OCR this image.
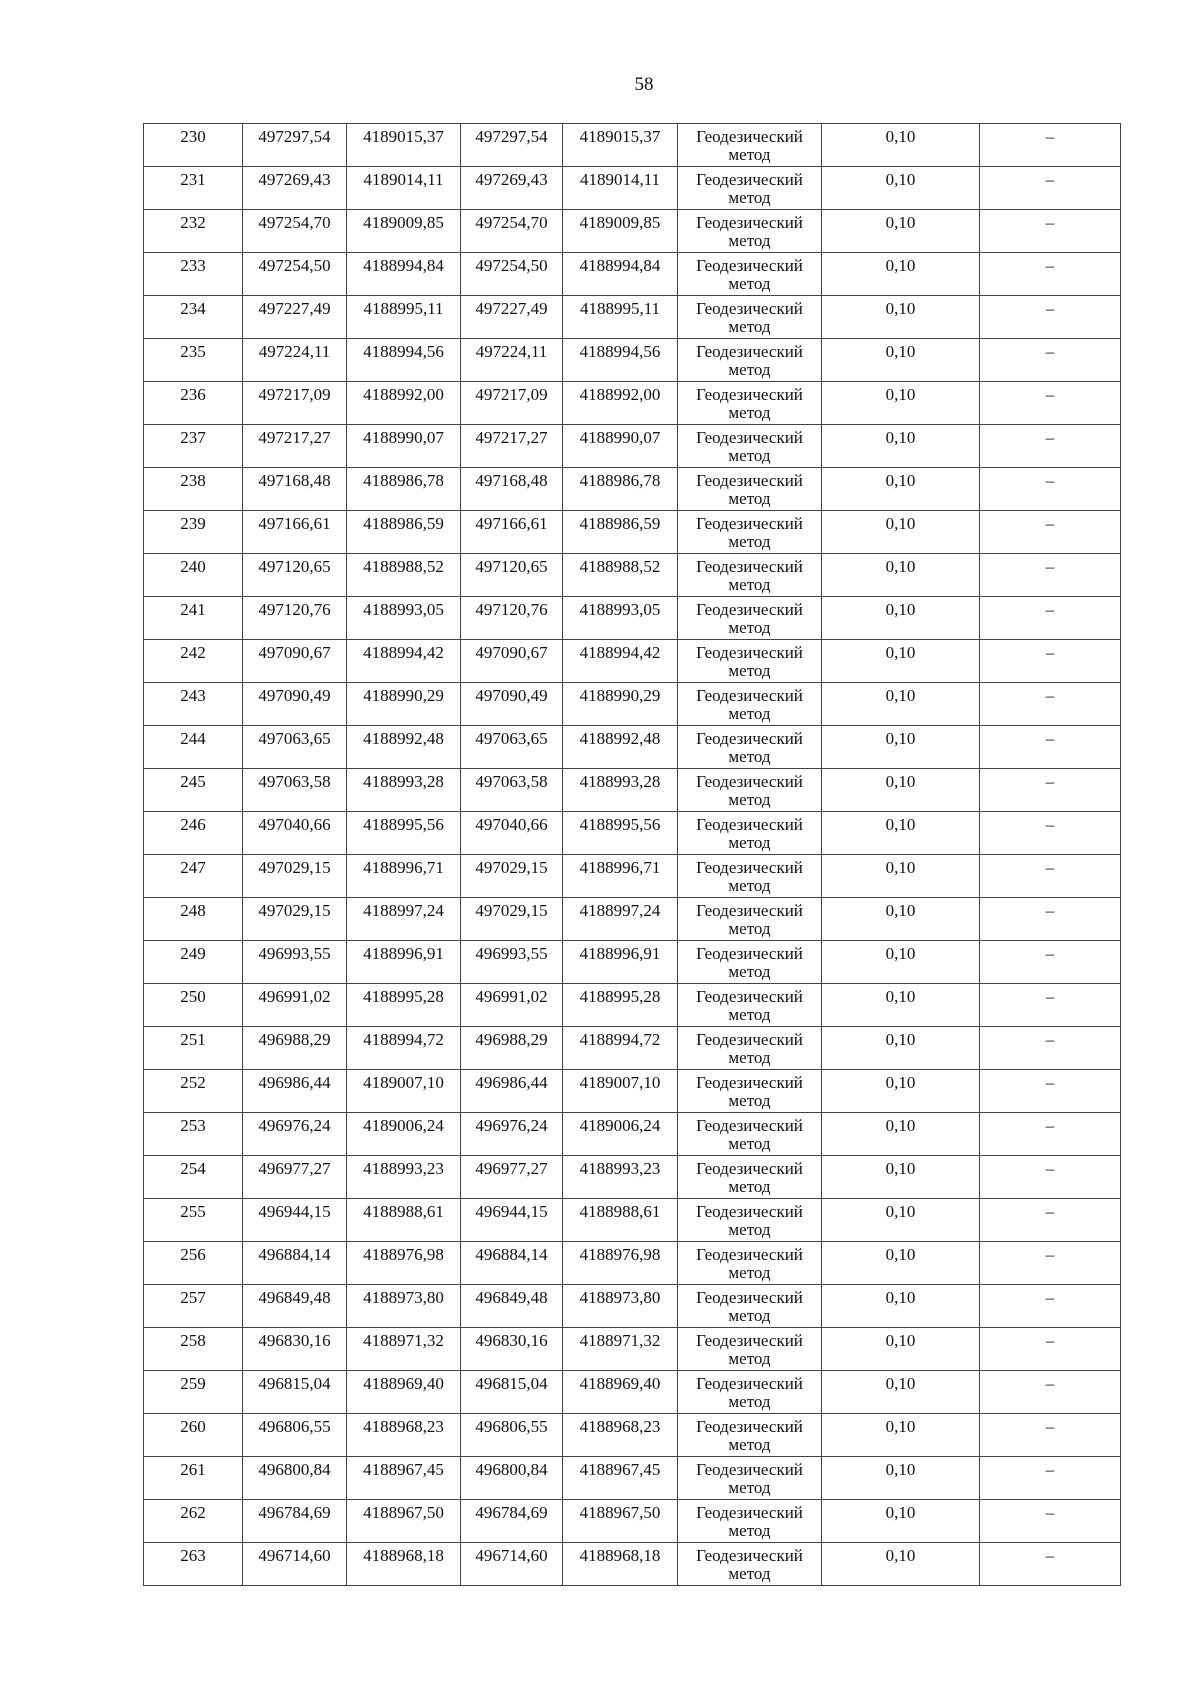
58
230	497297,54	4189015,37	497297,54	4189015,37	Геодезический
метод	0,10	–

231	497269,43	4189014,11	497269,43	4189014,11	Геодезический
метод	0,10	–

232	497254,70	4189009,85	497254,70	4189009,85	Геодезический
метод	0,10	–

233	497254,50	4188994,84	497254,50	4188994,84	Геодезический
метод	0,10	–

234	497227,49	4188995,11	497227,49	4188995,11	Геодезический
метод	0,10	–

235	497224,11	4188994,56	497224,11	4188994,56	Геодезический
метод	0,10	–

236	497217,09	4188992,00	497217,09	4188992,00	Геодезический
метод	0,10	–

237	497217,27	4188990,07	497217,27	4188990,07	Геодезический
метод	0,10	–

238	497168,48	4188986,78	497168,48	4188986,78	Геодезический
метод	0,10	–

239	497166,61	4188986,59	497166,61	4188986,59	Геодезический
метод	0,10	–

240	497120,65	4188988,52	497120,65	4188988,52	Геодезический
метод	0,10	–

241	497120,76	4188993,05	497120,76	4188993,05	Геодезический
метод	0,10	–

242	497090,67	4188994,42	497090,67	4188994,42	Геодезический
метод	0,10	–

243	497090,49	4188990,29	497090,49	4188990,29	Геодезический
метод	0,10	–

244	497063,65	4188992,48	497063,65	4188992,48	Геодезический
метод	0,10	–

245	497063,58	4188993,28	497063,58	4188993,28	Геодезический
метод	0,10	–

246	497040,66	4188995,56	497040,66	4188995,56	Геодезический
метод	0,10	–

247	497029,15	4188996,71	497029,15	4188996,71	Геодезический
метод	0,10	–

248	497029,15	4188997,24	497029,15	4188997,24	Геодезический
метод	0,10	–

249	496993,55	4188996,91	496993,55	4188996,91	Геодезический
метод	0,10	–

250	496991,02	4188995,28	496991,02	4188995,28	Геодезический
метод	0,10	–

251	496988,29	4188994,72	496988,29	4188994,72	Геодезический
метод	0,10	–

252	496986,44	4189007,10	496986,44	4189007,10	Геодезический
метод	0,10	–

253	496976,24	4189006,24	496976,24	4189006,24	Геодезический
метод	0,10	–

254	496977,27	4188993,23	496977,27	4188993,23	Геодезический
метод	0,10	–

255	496944,15	4188988,61	496944,15	4188988,61	Геодезический
метод	0,10	–

256	496884,14	4188976,98	496884,14	4188976,98	Геодезический
метод	0,10	–

257	496849,48	4188973,80	496849,48	4188973,80	Геодезический
метод	0,10	–

258	496830,16	4188971,32	496830,16	4188971,32	Геодезический
метод	0,10	–

259	496815,04	4188969,40	496815,04	4188969,40	Геодезический
метод	0,10	–

260	496806,55	4188968,23	496806,55	4188968,23	Геодезический
метод	0,10	–

261	496800,84	4188967,45	496800,84	4188967,45	Геодезический
метод	0,10	–

262	496784,69	4188967,50	496784,69	4188967,50	Геодезический
метод	0,10	–

263	496714,60	4188968,18	496714,60	4188968,18	Геодезический
метод	0,10	–
